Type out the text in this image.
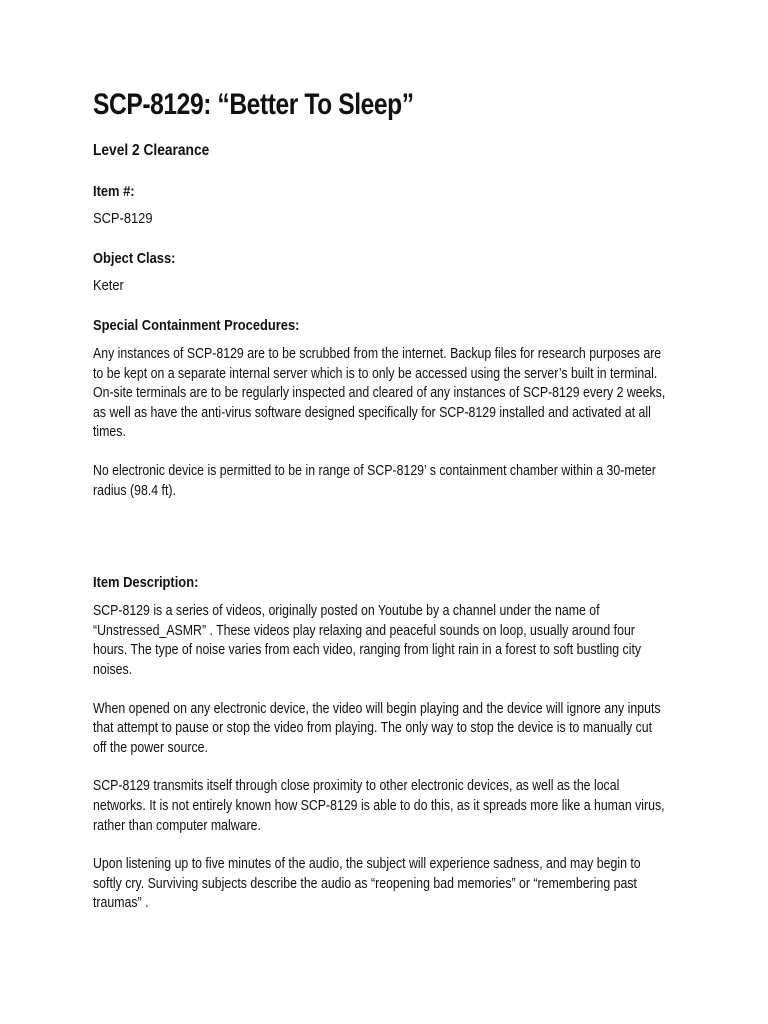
SCP-8129: “Better To Sleep”
Level 2 Clearance
Item #:
SCP-8129
Object Class:
Keter
Special Containment Procedures:

Any instances of SCP-8129 are to be scrubbed from the internet. Backup files for research purposes are to be kept on a separate internal server which is to only be accessed using the server’s built in terminal. On-site terminals are to be regularly inspected and cleared of any instances of SCP-8129 every 2 weeks, as well as have the anti-virus software designed specifically for SCP-8129 installed and activated at all times.

No electronic device is permitted to be in range of SCP-8129’ s containment chamber within a 30-meter radius (98.4 ft).

Item Description:

SCP-8129 is a series of videos, originally posted on Youtube by a channel under the name of “Unstressed_ASMR” . These videos play relaxing and peaceful sounds on loop, usually around four hours. The type of noise varies from each video, ranging from light rain in a forest to soft bustling city noises.

When opened on any electronic device, the video will begin playing and the device will ignore any inputs that attempt to pause or stop the video from playing. The only way to stop the device is to manually cut off the power source.

SCP-8129 transmits itself through close proximity to other electronic devices, as well as the local networks. It is not entirely known how SCP-8129 is able to do this, as it spreads more like a human virus, rather than computer malware.

Upon listening up to five minutes of the audio, the subject will experience sadness, and may begin to softly cry. Surviving subjects describe the audio as “reopening bad memories” or “remembering past traumas” .
